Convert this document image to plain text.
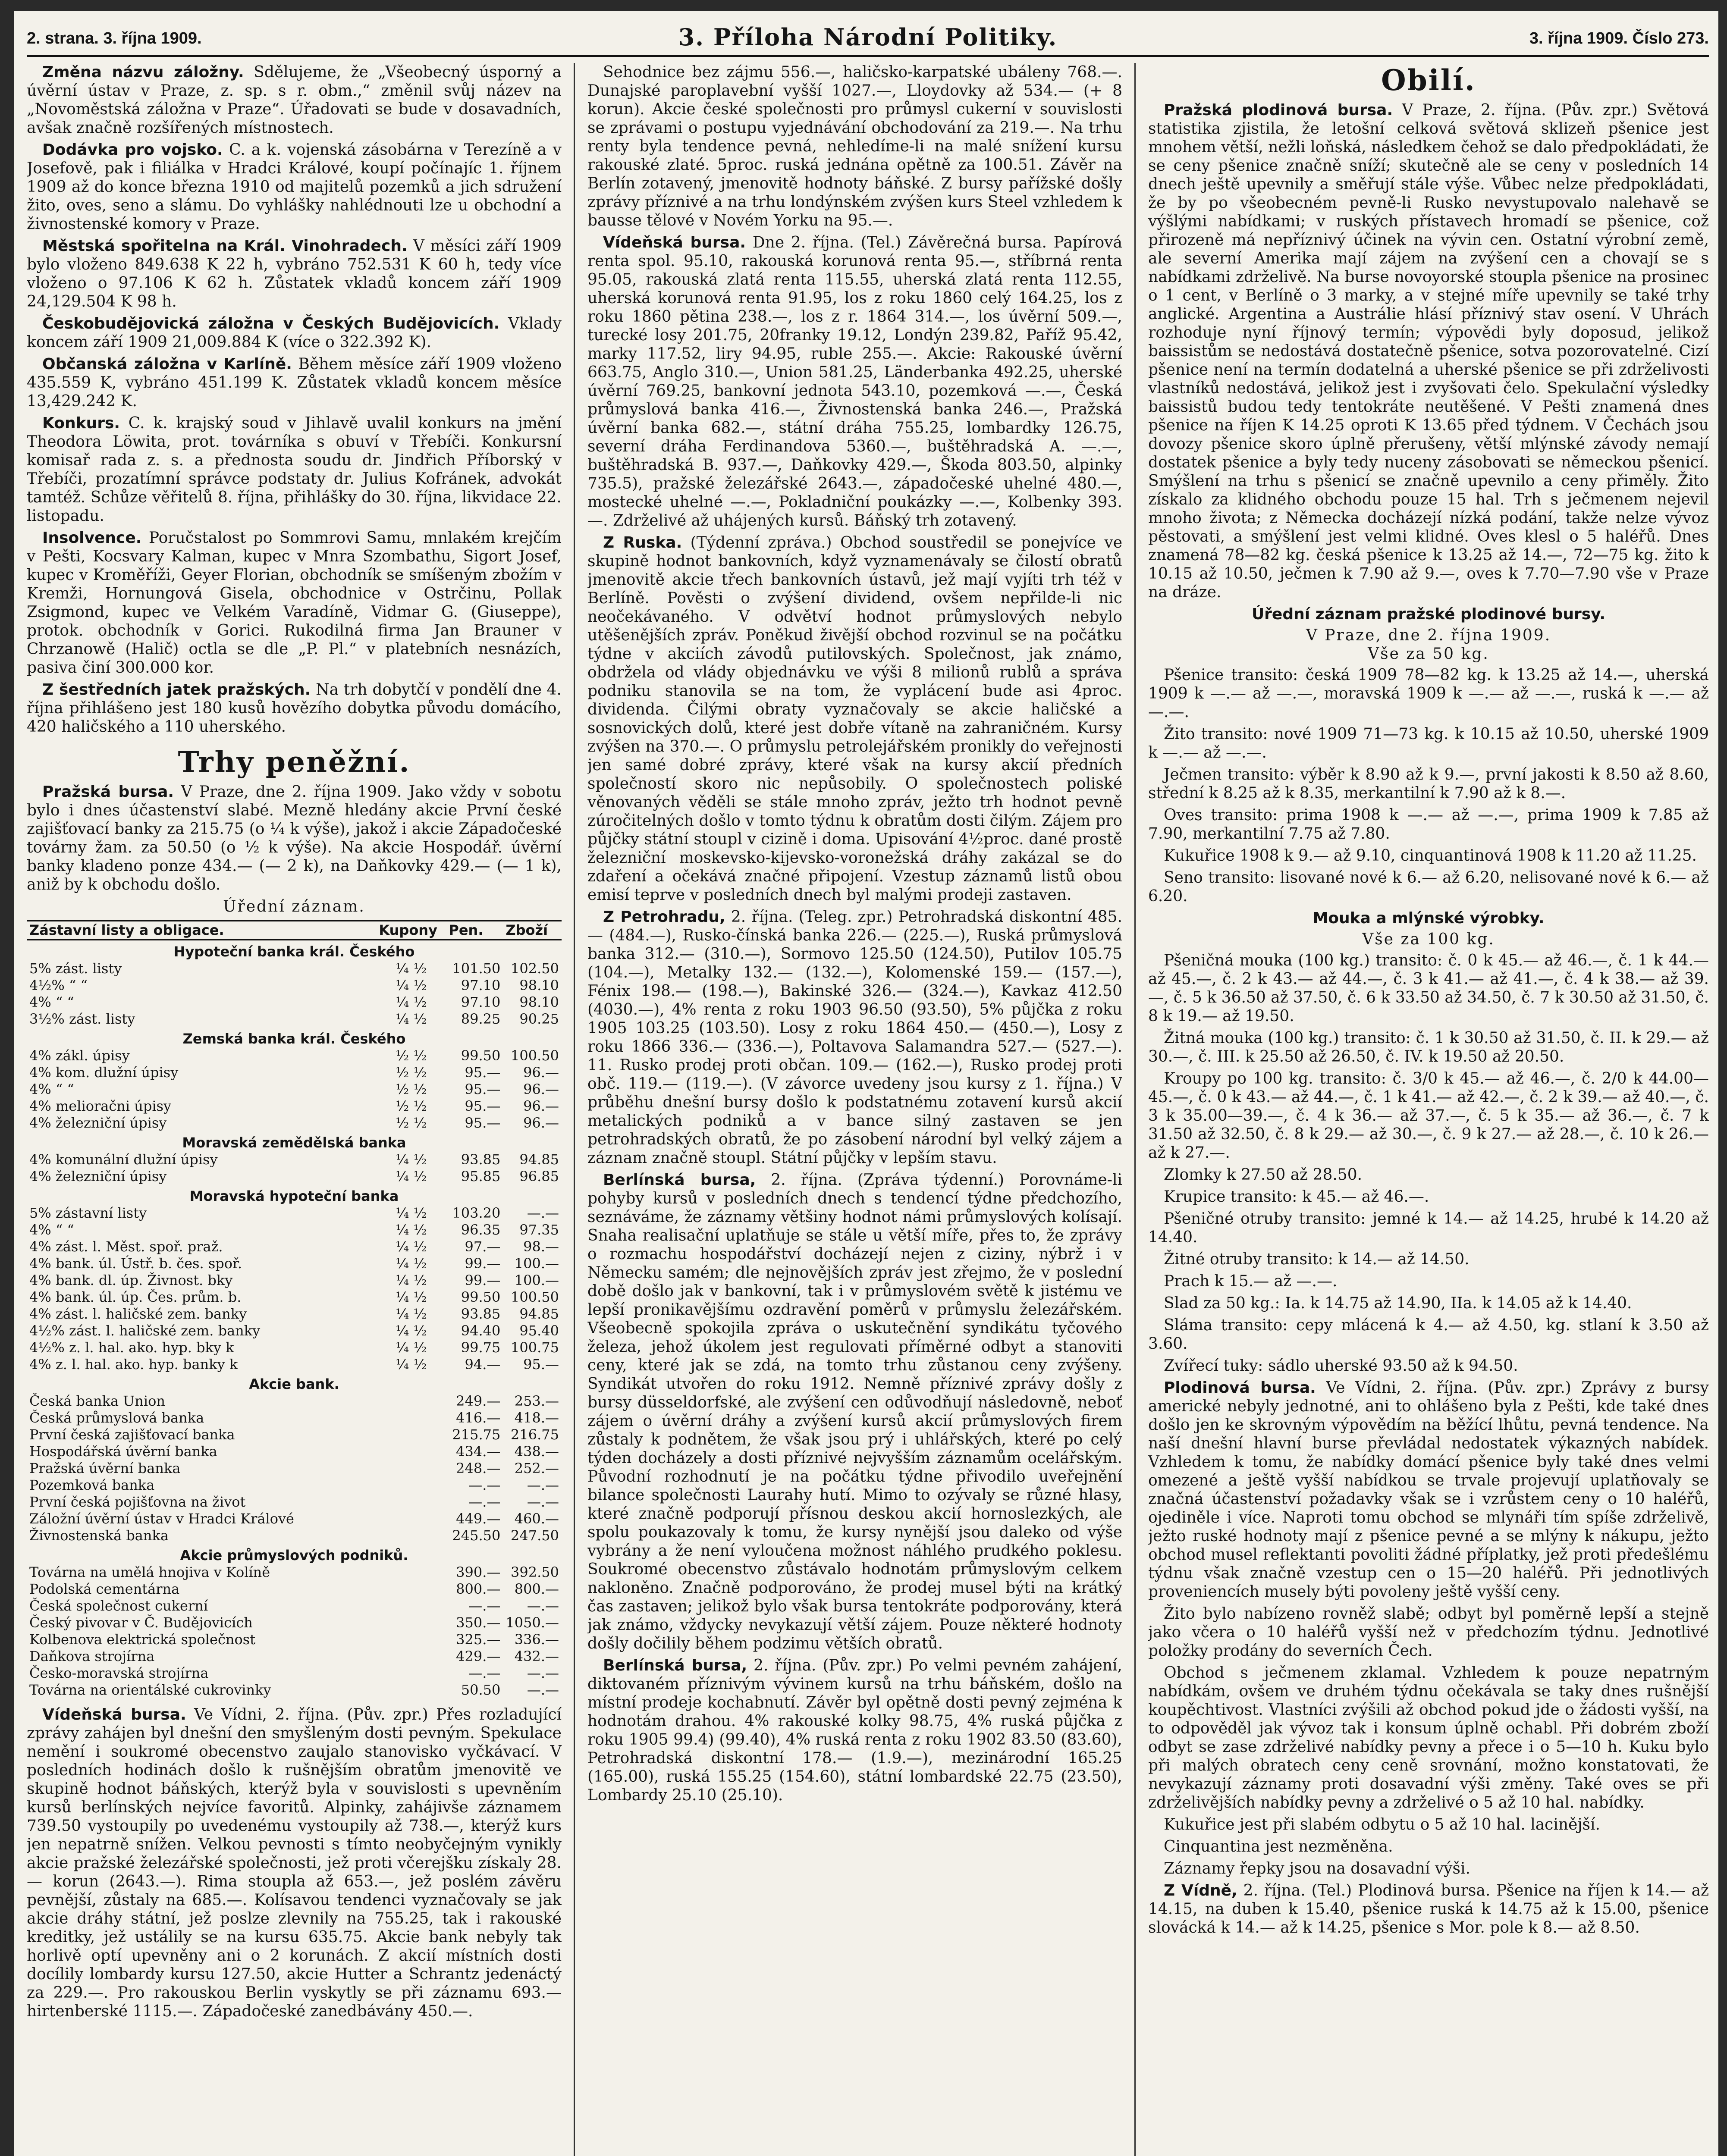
2. strana. 3. října 1909.	3. Příloha Národní Politiky.	3. října 1909. Číslo 273.

Změna názvu záložny. Sdělujeme, že „Všeobecný úsporný a úvěrní ústav v Praze, z. sp. s r. obm.,“ změnil svůj název na „Novoměstská záložna v Praze“. Úřadovati se bude v dosavadních, avšak značně rozšířených místnostech.

Dodávka pro vojsko. C. a k. vojenská zásobárna v Terezíně a v Josefově, pak i filiálka v Hradci Králové, koupí počínajíc 1. říjnem 1909 až do konce března 1910 od majitelů pozemků a jich sdružení žito, oves, seno a slámu. Do vyhlášky nahlédnouti lze u obchodní a živnostenské komory v Praze.

Městská spořitelna na Král. Vinohradech. V měsíci září 1909 bylo vloženo 849.638 K 22 h, vybráno 752.531 K 60 h, tedy více vloženo o 97.106 K 62 h. Zůstatek vkladů koncem září 1909 24,129.504 K 98 h.

Českobudějovická záložna v Českých Budějovicích. Vklady koncem září 1909 21,009.884 K (více o 322.392 K).

Občanská záložna v Karlíně. Během měsíce září 1909 vloženo 435.559 K, vybráno 451.199 K. Zůstatek vkladů koncem měsíce 13,429.242 K.

Konkurs. C. k. krajský soud v Jihlavě uvalil konkurs na jmění Theodora Löwita, prot. továrníka s obuví v Třebíči. Konkursní komisař rada z. s. a přednosta soudu dr. Jindřich Příborský v Třebíči, prozatímní správce podstaty dr. Julius Kofránek, advokát tamtéž. Schůze věřitelů 8. října, přihlášky do 30. října, likvidace 22. listopadu.

Insolvence. Poručstalost po Sommrovi Samu, mnlakém krejčím v Pešti, Kocsvary Kalman, kupec v Mnra Szombathu, Sigort Josef, kupec v Kroměříži, Geyer Florian, obchodník se smíšeným zbožím v Kremži, Hornungová Gisela, obchodnice v Ostrčinu, Pollak Zsigmond, kupec ve Velkém Varadíně, Vidmar G. (Giuseppe), protok. obchodník v Gorici. Rukodilná firma Jan Brauner v Chrzanowě (Halič) octla se dle „P. Pl.“ v platebních nesnázích, pasiva činí 300.000 kor.

Z šestředních jatek pražských. Na trh dobytčí v pondělí dne 4. října přihlášeno jest 180 kusů hovězího dobytka původu domácího, 420 haličského a 110 uherského.

Trhy peněžní.

Pražská bursa. V Praze, dne 2. října 1909. Jako vždy v sobotu bylo i dnes účastenství slabé. Mezně hledány akcie První české zajišťovací banky za 215.75 (o ¼ k výše), jakož i akcie Západočeské továrny žam. za 50.50 (o ½ k výše). Na akcie Hospodář. úvěrní banky kladeno ponze 434.— (— 2 k), na Daňkovky 429.— (— 1 k), aniž by k obchodu došlo.

Úřední záznam.
Zástavní listy a obligace.	Kupony	Pen.	Zboží
Hypoteční banka král. Českého			
5% zást. listy	¼ ½	101.50	102.50
4½% “ “	¼ ½	97.10	98.10
4% “ “	¼ ½	97.10	98.10
3½% zást. listy	¼ ½	89.25	90.25
Zemská banka král. Českého			
4% zákl. úpisy	½ ½	99.50	100.50
4% kom. dlužní úpisy	½ ½	95.—	96.—
4% “ “	½ ½	95.—	96.—
4% melioračni úpisy	½ ½	95.—	96.—
4% železniční úpisy	½ ½	95.—	96.—
Moravská zemědělská banka			
4% komunální dlužní úpisy	¼ ½	93.85	94.85
4% železniční úpisy	¼ ½	95.85	96.85
Moravská hypoteční banka			
5% zástavní listy	¼ ½	103.20	—.—
4% “ “	¼ ½	96.35	97.35
4% zást. l. Měst. spoř. praž.	¼ ½	97.—	98.—
4% bank. úl. Ústř. b. čes. spoř.	¼ ½	99.—	100.—
4% bank. dl. úp. Živnost. bky	¼ ½	99.—	100.—
4% bank. úl. úp. Čes. prům. b.	¼ ½	99.50	100.50
4% zást. l. haličské zem. banky	¼ ½	93.85	94.85
4½% zást. l. haličské zem. banky	¼ ½	94.40	95.40
4½% z. l. hal. ako. hyp. bky k	¼ ½	99.75	100.75
4% z. l. hal. ako. hyp. banky k	¼ ½	94.—	95.—
Akcie bank.			
Česká banka Union		249.—	253.—
Česká průmyslová banka		416.—	418.—
První česká zajišťovací banka		215.75	216.75
Hospodářská úvěrní banka		434.—	438.—
Pražská úvěrní banka		248.—	252.—
Pozemková banka		—.—	—.—
První česká pojišťovna na život		—.—	—.—
Záložní úvěrní ústav v Hradci Králové		449.—	460.—
Živnostenská banka		245.50	247.50
Akcie průmyslových podniků.			
Továrna na umělá hnojiva v Kolíně		390.—	392.50
Podolská cementárna		800.—	800.—
Česká společnost cukerní		—.—	—.—
Český pivovar v Č. Budějovicích		350.—	1050.—
Kolbenova elektrická společnost		325.—	336.—
Daňkova strojírna		429.—	432.—
Česko-moravská strojírna		—.—	—.—
Továrna na orientálské cukrovinky		50.50	—.—

Vídeňská bursa. Ve Vídni, 2. října. (Pův. zpr.) Přes rozladující zprávy zahájen byl dnešní den smyšleným dosti pevným. Spekulace nemění i soukromé obecenstvo zaujalo stanovisko vyčkávací. V posledních hodinách došlo k rušnějším obratům jmenovitě ve skupině hodnot báňských, kterýž byla v souvislosti s upevněním kursů berlínských nejvíce favoritů. Alpinky, zahájivše záznamem 739.50 vystoupily po uvedenému vystoupily až 738.—, kterýž kurs jen nepatrně snížen. Velkou pevnosti s tímto neobyčejným vynikly akcie pražské železářské společnosti, jež proti včerejšku získaly 28.— korun (2643.—). Rima stoupla až 653.—, jež poslém závěru pevnější, zůstaly na 685.—. Kolísavou tendenci vyznačovaly se jak akcie dráhy státní, jež poslze zlevnily na 755.25, tak i rakouské kreditky, jež ustálily se na kursu 635.75. Akcie bank nebyly tak horlivě optí upevněny ani o 2 korunách. Z akcií místních dosti docílily lombardy kursu 127.50, akcie Hutter a Schrantz jedenáctý za 229.—. Pro rakouskou Berlin vyskytly se při záznamu 693.— hirtenberské 1115.—. Západočeské zanedbávány 450.—.

Sehodnice bez zájmu 556.—, haličsko-karpatské ubáleny 768.—. Dunajské paroplavební vyšší 1027.—, Lloydovky až 534.— (+ 8 korun). Akcie české společnosti pro průmysl cukerní v souvislosti se zprávami o postupu vyjednávání obchodování za 219.—. Na trhu renty byla tendence pevná, nehledíme-li na malé snížení kursu rakouské zlaté. 5proc. ruská jednána opětně za 100.51. Závěr na Berlín zotavený, jmenovitě hodnoty báňské. Z bursy pařížské došly zprávy příznivé a na trhu londýnském zvýšen kurs Steel vzhledem k bausse tělové v Novém Yorku na 95.—.

Vídeňská bursa. Dne 2. října. (Tel.) Závěrečná bursa. Papírová renta spol. 95.10, rakouská korunová renta 95.—, stříbrná renta 95.05, rakouská zlatá renta 115.55, uherská zlatá renta 112.55, uherská korunová renta 91.95, los z roku 1860 celý 164.25, los z roku 1860 pětina 238.—, los z r. 1864 314.—, los úvěrní 509.—, turecké losy 201.75, 20franky 19.12, Londýn 239.82, Paříž 95.42, marky 117.52, liry 94.95, ruble 255.—. Akcie: Rakouské úvěrní 663.75, Anglo 310.—, Union 581.25, Länderbanka 492.25, uherské úvěrní 769.25, bankovní jednota 543.10, pozemková —.—, Česká průmyslová banka 416.—, Živnostenská banka 246.—, Pražská úvěrní banka 682.—, státní dráha 755.25, lombardky 126.75, severní dráha Ferdinandova 5360.—, buštěhradská A. —.—, buštěhradská B. 937.—, Daňkovky 429.—, Škoda 803.50, alpinky 735.5), pražské železářské 2643.—, západočeské uhelné 480.—, mostecké uhelné —.—, Pokladniční poukázky —.—, Kolbenky 393.—. Zdrželivé až uhájených kursů. Báňský trh zotavený.

Z Ruska. (Týdenní zpráva.) Obchod soustředil se ponejvíce ve skupině hodnot bankovních, když vyznamenávaly se čilostí obratů jmenovitě akcie třech bankovních ústavů, jež mají vyjíti trh též v Berlíně. Pověsti o zvýšení dividend, ovšem nepřilde-li nic neočekávaného. V odvětví hodnot průmyslových nebylo utěšenějších zpráv. Poněkud živější obchod rozvinul se na počátku týdne v akciích závodů putilovských. Společnost, jak známo, obdržela od vlády objednávku ve výši 8 milionů rublů a správa podniku stanovila se na tom, že vyplácení bude asi 4proc. dividenda. Čilými obraty vyznačovaly se akcie haličské a sosnovických dolů, které jest dobře vítaně na zahraničném. Kursy zvýšen na 370.—. O průmyslu petrolejářském pronikly do veřejnosti jen samé dobré zprávy, které však na kursy akcií předních společností skoro nic nepůsobily. O společnostech poliské věnovaných věděli se stále mnoho zpráv, ježto trh hodnot pevně zúročitelných došlo v tomto týdnu k obratům dosti čilým. Zájem pro půjčky státní stoupl v cizině i doma. Upisování 4½proc. dané prostě železniční moskevsko-kijevsko-voronežská dráhy zakázal se do zdaření a očekává značné připojení. Vzestup záznamů listů obou emisí teprve v posledních dnech byl malými prodeji zastaven.

Z Petrohradu, 2. října. (Teleg. zpr.) Petrohradská diskontní 485.— (484.—), Rusko-čínská banka 226.— (225.—), Ruská průmyslová banka 312.— (310.—), Sormovo 125.50 (124.50), Putilov 105.75 (104.—), Metalky 132.— (132.—), Kolomenské 159.— (157.—), Fénix 198.— (198.—), Bakinské 326.— (324.—), Kavkaz 412.50 (4030.—), 4% renta z roku 1903 96.50 (93.50), 5% půjčka z roku 1905 103.25 (103.50). Losy z roku 1864 450.— (450.—), Losy z roku 1866 336.— (336.—), Poltavova Salamandra 527.— (527.—). 11. Rusko prodej proti občan. 109.— (162.—), Rusko prodej proti obč. 119.— (119.—). (V závorce uvedeny jsou kursy z 1. října.) V průběhu dnešní bursy došlo k podstatnému zotavení kursů akcií metalických podniků a v bance silný zastaven se jen petrohradských obratů, že po zásobení národní byl velký zájem a záznam značně stoupl. Státní půjčky v lepším stavu.

Berlínská bursa, 2. října. (Zpráva týdenní.) Porovnáme-li pohyby kursů v posledních dnech s tendencí týdne předchozího, seznáváme, že záznamy většiny hodnot námi průmyslových kolísají. Snaha realisační uplatňuje se stále u větší míře, přes to, že zprávy o rozmachu hospodářství docházejí nejen z ciziny, nýbrž i v Německu samém; dle nejnovějších zpráv jest zřejmo, že v poslední době došlo jak v bankovní, tak i v průmyslovém světě k jistému ve lepší pronikavějšímu ozdravění poměrů v průmyslu železářském. Všeobecně spokojila zpráva o uskutečnění syndikátu tyčového železa, jehož úkolem jest regulovati příměrné odbyt a stanoviti ceny, které jak se zdá, na tomto trhu zůstanou ceny zvýšeny. Syndikát utvořen do roku 1912. Nemně příznivé zprávy došly z bursy düsseldorfské, ale zvýšení cen odůvodňují následovně, neboť zájem o úvěrní dráhy a zvýšení kursů akcií průmyslových firem zůstaly k podnětem, že však jsou prý i uhlářských, které po celý týden docházely a dosti příznivé nejvyšším záznamům ocelářským. Původní rozhodnutí je na počátku týdne přivodilo uveřejnění bilance společnosti Laurahy hutí. Mimo to ozývaly se různé hlasy, které značně podporují přísnou deskou akcií hornoslezkých, ale spolu poukazovaly k tomu, že kursy nynější jsou daleko od výše vybrány a že není vyloučena možnost náhlého prudkého poklesu. Soukromé obecenstvo zůstávalo hodnotám průmyslovým celkem nakloněno. Značně podporováno, že prodej musel býti na krátký čas zastaven; jelikož bylo však bursa tentokráte podporovány, která jak známo, vždycky nevykazují větší zájem. Pouze některé hodnoty došly dočilily během podzimu větších obratů.

Berlínská bursa, 2. října. (Pův. zpr.) Po velmi pevném zahájení, diktovaném příznivým vývinem kursů na trhu báňském, došlo na místní prodeje kochabnutí. Závěr byl opětně dosti pevný zejména k hodnotám drahou. 4% rakouské kolky 98.75, 4% ruská půjčka z roku 1905 99.4) (99.40), 4% ruská renta z roku 1902 83.50 (83.60), Petrohradská diskontní 178.— (1.9.—), mezinárodní 165.25 (165.00), ruská 155.25 (154.60), státní lombardské 22.75 (23.50), Lombardy 25.10 (25.10).

Obilí.

Pražská plodinová bursa. V Praze, 2. října. (Pův. zpr.) Světová statistika zjistila, že letošní celková světová sklizeň pšenice jest mnohem větší, nežli loňská, následkem čehož se dalo předpokládati, že se ceny pšenice značně sníží; skutečně ale se ceny v posledních 14 dnech ještě upevnily a směřují stále výše. Vůbec nelze předpokládati, že by po všeobecném pevně-li Rusko nevystupovalo nalehavě se výšlými nabídkami; v ruských přístavech hromadí se pšenice, což přirozeně má nepříznivý účinek na vývin cen. Ostatní výrobní země, ale severní Amerika mají zájem na zvýšení cen a chovají se s nabídkami zdrželivě. Na burse novoyorské stoupla pšenice na prosinec o 1 cent, v Berlíně o 3 marky, a v stejné míře upevnily se také trhy anglické. Argentina a Austrálie hlásí příznivý stav osení. V Uhrách rozhoduje nyní říjnový termín; výpovědi byly doposud, jelikož baissistům se nedostává dostatečně pšenice, sotva pozorovatelné. Cizí pšenice není na termín dodatelná a uherské pšenice se při zdrželivosti vlastníků nedostává, jelikož jest i zvyšovati čelo. Spekulační výsledky baissistů budou tedy tentokráte neutěšené. V Pešti znamená dnes pšenice na říjen K 14.25 oproti K 13.65 před týdnem. V Čechách jsou dovozy pšenice skoro úplně přerušeny, větší mlýnské závody nemají dostatek pšenice a byly tedy nuceny zásobovati se německou pšenicí. Smýšlení na trhu s pšenicí se značně upevnilo a ceny přiměly. Žito získalo za klidného obchodu pouze 15 hal. Trh s ječmenem nejevil mnoho života; z Německa docházejí nízká podání, takže nelze vývoz pěstovati, a smýšlení jest velmi klidné. Oves klesl o 5 haléřů. Dnes znamená 78—82 kg. česká pšenice k 13.25 až 14.—, 72—75 kg. žito k 10.15 až 10.50, ječmen k 7.90 až 9.—, oves k 7.70—7.90 vše v Praze na dráze.

Úřední záznam pražské plodinové bursy.
V Praze, dne 2. října 1909.
Vše za 50 kg.

Pšenice transito: česká 1909 78—82 kg. k 13.25 až 14.—, uherská 1909 k —.— až —.—, moravská 1909 k —.— až —.—, ruská k —.— až —.—.

Žito transito: nové 1909 71—73 kg. k 10.15 až 10.50, uherské 1909 k —.— až —.—.

Ječmen transito: výběr k 8.90 až k 9.—, první jakosti k 8.50 až 8.60, střední k 8.25 až k 8.35, merkantilní k 7.90 až k 8.—.

Oves transito: prima 1908 k —.— až —.—, prima 1909 k 7.85 až 7.90, merkantilní 7.75 až 7.80.

Kukuřice 1908 k 9.— až 9.10, cinquantinová 1908 k 11.20 až 11.25.

Seno transito: lisované nové k 6.— až 6.20, nelisované nové k 6.— až 6.20.

Mouka a mlýnské výrobky.
Vše za 100 kg.

Pšeničná mouka (100 kg.) transito: č. 0 k 45.— až 46.—, č. 1 k 44.— až 45.—, č. 2 k 43.— až 44.—, č. 3 k 41.— až 41.—, č. 4 k 38.— až 39.—, č. 5 k 36.50 až 37.50, č. 6 k 33.50 až 34.50, č. 7 k 30.50 až 31.50, č. 8 k 19.— až 19.50.

Žitná mouka (100 kg.) transito: č. 1 k 30.50 až 31.50, č. II. k 29.— až 30.—, č. III. k 25.50 až 26.50, č. IV. k 19.50 až 20.50.

Kroupy po 100 kg. transito: č. 3/0 k 45.— až 46.—, č. 2/0 k 44.00—45.—, č. 0 k 43.— až 44.—, č. 1 k 41.— až 42.—, č. 2 k 39.— až 40.—, č. 3 k 35.00—39.—, č. 4 k 36.— až 37.—, č. 5 k 35.— až 36.—, č. 7 k 31.50 až 32.50, č. 8 k 29.— až 30.—, č. 9 k 27.— až 28.—, č. 10 k 26.— až k 27.—.

Zlomky k 27.50 až 28.50.

Krupice transito: k 45.— až 46.—.

Pšeničné otruby transito: jemné k 14.— až 14.25, hrubé k 14.20 až 14.40.

Žitné otruby transito: k 14.— až 14.50.

Prach k 15.— až —.—.

Slad za 50 kg.: Ia. k 14.75 až 14.90, IIa. k 14.05 až k 14.40.

Sláma transito: cepy mlácená k 4.— až 4.50, kg. stlaní k 3.50 až 3.60.

Zvířecí tuky: sádlo uherské 93.50 až k 94.50.

Plodinová bursa. Ve Vídni, 2. října. (Pův. zpr.) Zprávy z bursy americké nebyly jednotné, ani to ohlášeno byla z Pešti, kde také dnes došlo jen ke skrovným výpovědím na běžící lhůtu, pevná tendence. Na naší dnešní hlavní burse převládal nedostatek výkazných nabídek. Vzhledem k tomu, že nabídky domácí pšenice byly také dnes velmi omezené a ještě vyšší nabídkou se trvale projevují uplatňovaly se značná účastenství požadavky však se i vzrůstem ceny o 10 haléřů, ojediněle i více. Naproti tomu obchod se mlynáři tím spíše zdrželivě, ježto ruské hodnoty mají z pšenice pevné a se mlýny k nákupu, ježto obchod musel reflektanti povoliti žádné příplatky, jež proti předešlému týdnu však značně vzestup cen o 15—20 haléřů. Při jednotlivých proveniencích musely býti povoleny ještě vyšší ceny.

Žito bylo nabízeno rovněž slabě; odbyt byl poměrně lepší a stejně jako včera o 10 haléřů vyšší než v předchozím týdnu. Jednotlivé položky prodány do severních Čech.

Obchod s ječmenem zklamal. Vzhledem k pouze nepatrným nabídkám, ovšem ve druhém týdnu očekávala se taky dnes rušnější koupěchtivost. Vlastníci zvýšili až obchod pokud jde o žádosti vyšší, na to odpověděl jak vývoz tak i konsum úplně ochabl. Při dobrém zboží odbyt se zase zdrželivé nabídky pevny a přece i o 5—10 h. Kuku bylo při malých obratech ceny ceně srovnání, možno konstatovati, že nevykazují záznamy proti dosavadní výši změny. Také oves se při zdrželivějších nabídky pevny a zdrželivé o 5 až 10 hal. nabídky.

Kukuřice jest při slabém odbytu o 5 až 10 hal. lacinější.

Cinquantina jest nezměněna.

Záznamy řepky jsou na dosavadní výši.

Z Vídně, 2. října. (Tel.) Plodinová bursa. Pšenice na říjen k 14.— až 14.15, na duben k 15.40, pšenice ruská k 14.75 až k 15.00, pšenice slovácká k 14.— až k 14.25, pšenice s Mor. pole k 8.— až 8.50.
